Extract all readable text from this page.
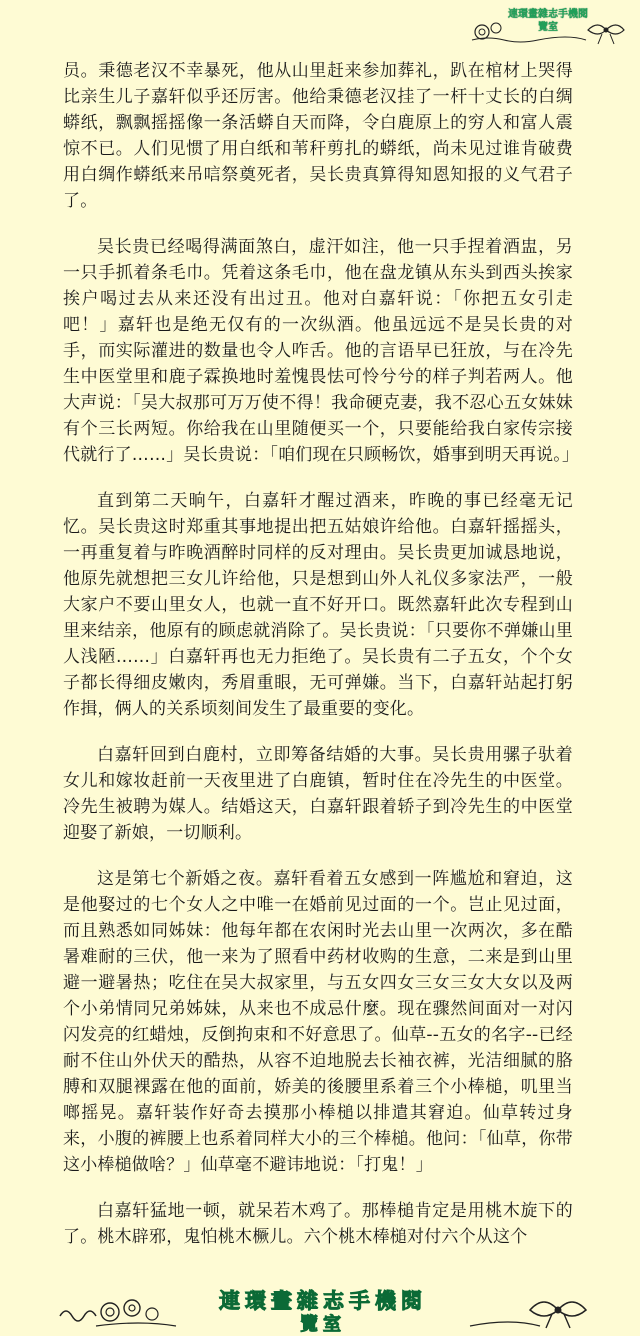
連環畫雜志手機閱
覽室

员。秉德老汉不幸暴死，他从山里赶来参加葬礼，趴在棺材上哭得比亲生儿子嘉轩似乎还厉害。他给秉德老汉挂了一杆十丈长的白绸蟒纸，飘飘摇摇像一条活蟒自天而降，令白鹿原上的穷人和富人震惊不已。人们见惯了用白纸和苇秆剪扎的蟒纸，尚未见过谁肯破费用白绸作蟒纸来吊唁祭奠死者，吴长贵真算得知恩知报的义气君子了。

吴长贵已经喝得满面煞白，虚汗如注，他一只手捏着酒盅，另一只手抓着条毛巾。凭着这条毛巾，他在盘龙镇从东头到西头挨家挨户喝过去从来还没有出过丑。他对白嘉轩说：「你把五女引走吧！」嘉轩也是绝无仅有的一次纵酒。他虽远远不是吴长贵的对手，而实际灌进的数量也令人咋舌。他的言语早已狂放，与在冷先生中医堂里和鹿子霖换地时羞愧畏怯可怜兮兮的样子判若两人。他大声说：「吴大叔那可万万使不得！我命硬克妻，我不忍心五女妹妹有个三长两短。你给我在山里随便买一个，只要能给我白家传宗接代就行了……」吴长贵说：「咱们现在只顾畅饮，婚事到明天再说。」

直到第二天晌午，白嘉轩才醒过酒来，昨晚的事已经毫无记忆。吴长贵这时郑重其事地提出把五姑娘许给他。白嘉轩摇摇头，一再重复着与昨晚酒醉时同样的反对理由。吴长贵更加诚恳地说，他原先就想把三女儿许给他，只是想到山外人礼仪多家法严，一般大家户不要山里女人，也就一直不好开口。既然嘉轩此次专程到山里来结亲，他原有的顾虑就消除了。吴长贵说：「只要你不弹嫌山里人浅陋……」白嘉轩再也无力拒绝了。吴长贵有二子五女，个个女子都长得细皮嫩肉，秀眉重眼，无可弹嫌。当下，白嘉轩站起打躬作揖，俩人的关系顷刻间发生了最重要的变化。

白嘉轩回到白鹿村，立即筹备结婚的大事。吴长贵用骡子驮着女儿和嫁妆赶前一天夜里进了白鹿镇，暂时住在冷先生的中医堂。冷先生被聘为媒人。结婚这天，白嘉轩跟着轿子到冷先生的中医堂迎娶了新娘，一切顺利。

这是第七个新婚之夜。嘉轩看着五女感到一阵尴尬和窘迫，这是他娶过的七个女人之中唯一在婚前见过面的一个。岂止见过面，而且熟悉如同姊妹：他每年都在农闲时光去山里一次两次，多在酷暑难耐的三伏，他一来为了照看中药材收购的生意，二来是到山里避一避暑热；吃住在吴大叔家里，与五女四女三女三女大女以及两个小弟情同兄弟姊妹，从来也不成忌什麼。现在骤然间面对一对闪闪发亮的红蜡烛，反倒拘束和不好意思了。仙草--五女的名字--已经耐不住山外伏天的酷热，从容不迫地脱去长袖衣裤，光洁细腻的胳膊和双腿裸露在他的面前，娇美的後腰里系着三个小棒槌，叽里当啷摇晃。嘉轩装作好奇去摸那小棒槌以排遣其窘迫。仙草转过身来，小腹的裤腰上也系着同样大小的三个棒槌。他问：「仙草，你带这小棒槌做啥？」仙草毫不避讳地说：「打鬼！」

白嘉轩猛地一顿，就呆若木鸡了。那棒槌肯定是用桃木旋下的了。桃木辟邪，鬼怕桃木橛儿。六个桃木棒槌对付六个从这个

連環畫雜志手機閱
覽室
